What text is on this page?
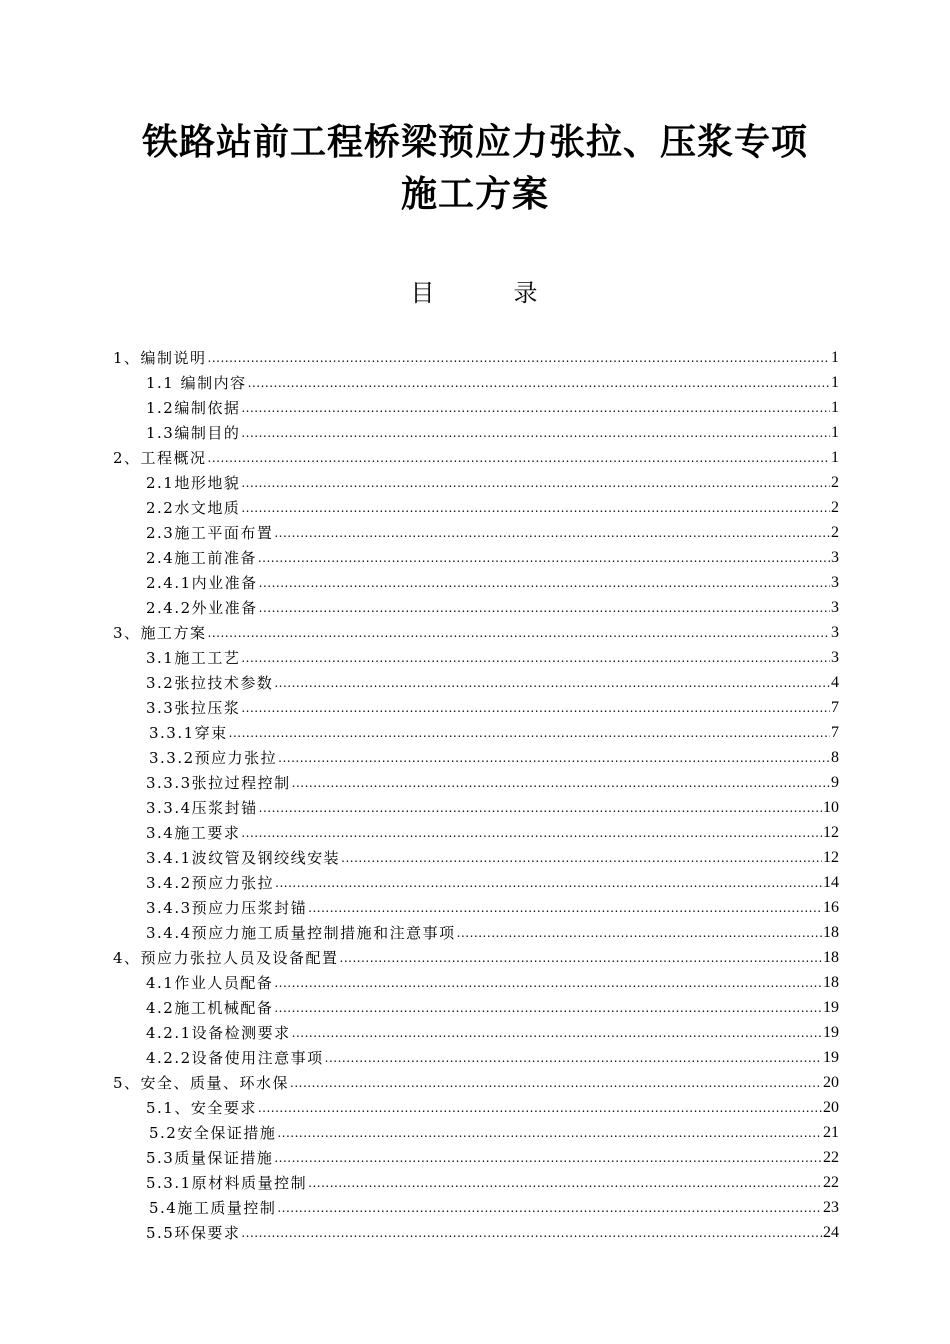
铁路站前工程桥梁预应力张拉、压浆专项
施工方案
目        录
1、编制说明 .....	1
1.1 编制内容 .....	1
1.2编制依据 .....	1
1.3编制目的 .....	1
2、工程概况 .....	1
2.1地形地貌 .....	2
2.2水文地质 .....	2
2.3施工平面布置 .....	2
2.4施工前准备 .....	3
2.4.1内业准备 .....	3
2.4.2外业准备 .....	3
3、施工方案 .....	3
3.1施工工艺 .....	3
3.2张拉技术参数 .....	4
3.3张拉压浆 .....	7
3.3.1穿束 .....	7
3.3.2预应力张拉 .....	8
3.3.3张拉过程控制 .....	9
3.3.4压浆封锚 .....	10
3.4施工要求 .....	12
3.4.1波纹管及钢绞线安装 .....	12
3.4.2预应力张拉 .....	14
3.4.3预应力压浆封锚 .....	16
3.4.4预应力施工质量控制措施和注意事项 .....	18
4、预应力张拉人员及设备配置 .....	18
4.1作业人员配备 .....	18
4.2施工机械配备 .....	19
4.2.1设备检测要求 .....	19
4.2.2设备使用注意事项 .....	19
5、安全、质量、环水保 .....	20
5.1、安全要求 .....	20
5.2安全保证措施 .....	21
5.3质量保证措施 .....	22
5.3.1原材料质量控制 .....	22
5.4施工质量控制 .....	23
5.5环保要求 .....	24
